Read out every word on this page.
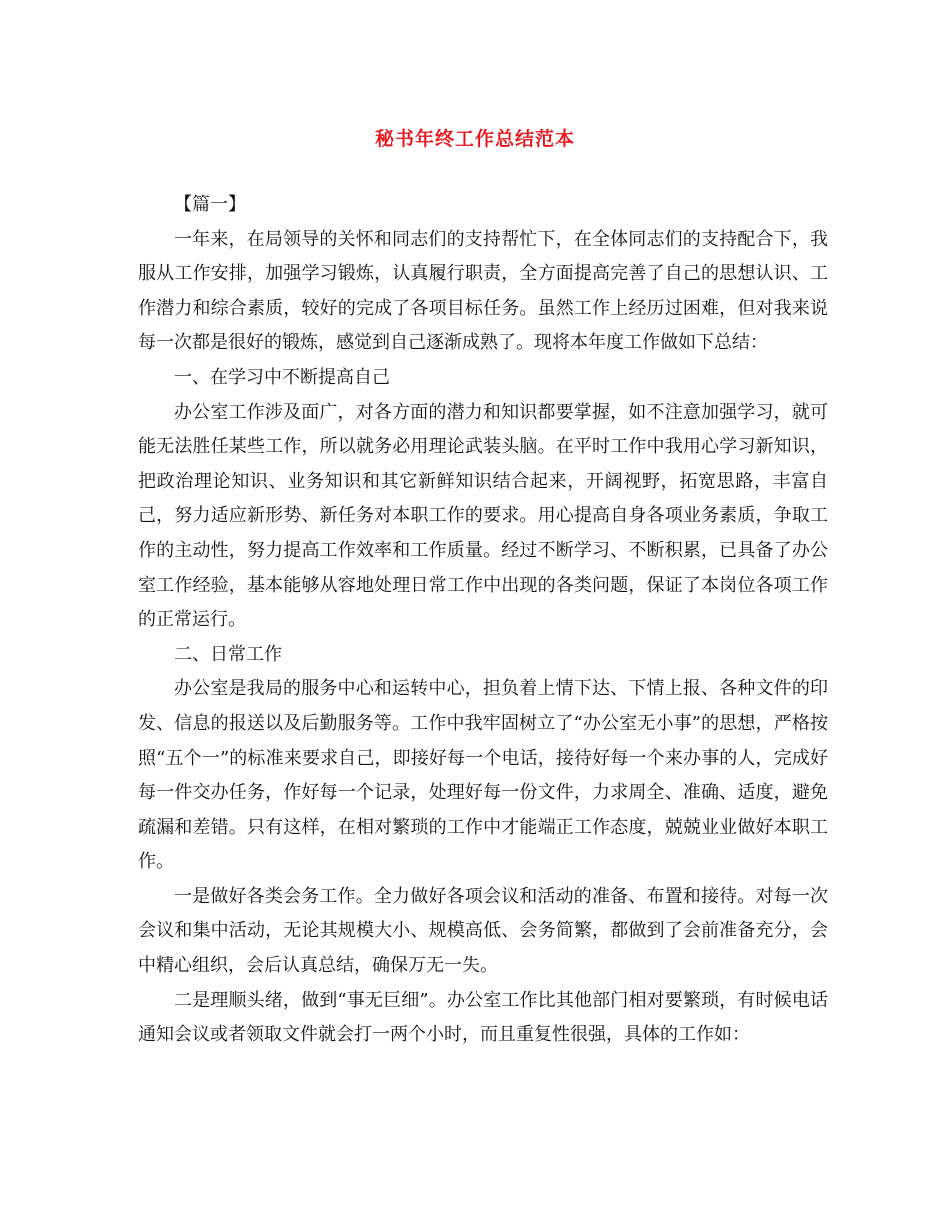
秘书年终工作总结范本

【篇一】

一年来，在局领导的关怀和同志们的支持帮忙下，在全体同志们的支持配合下，我服从工作安排，加强学习锻炼，认真履行职责，全方面提高完善了自己的思想认识、工作潜力和综合素质，较好的完成了各项目标任务。虽然工作上经历过困难，但对我来说每一次都是很好的锻炼，感觉到自己逐渐成熟了。现将本年度工作做如下总结：

一、在学习中不断提高自己

办公室工作涉及面广，对各方面的潜力和知识都要掌握，如不注意加强学习，就可能无法胜任某些工作，所以就务必用理论武装头脑。在平时工作中我用心学习新知识，把政治理论知识、业务知识和其它新鲜知识结合起来，开阔视野，拓宽思路，丰富自己，努力适应新形势、新任务对本职工作的要求。用心提高自身各项业务素质，争取工作的主动性，努力提高工作效率和工作质量。经过不断学习、不断积累，已具备了办公室工作经验，基本能够从容地处理日常工作中出现的各类问题，保证了本岗位各项工作的正常运行。

二、日常工作

办公室是我局的服务中心和运转中心，担负着上情下达、下情上报、各种文件的印发、信息的报送以及后勤服务等。工作中我牢固树立了“办公室无小事”的思想，严格按照“五个一”的标准来要求自己，即接好每一个电话，接待好每一个来办事的人，完成好每一件交办任务，作好每一个记录，处理好每一份文件，力求周全、准确、适度，避免疏漏和差错。只有这样，在相对繁琐的工作中才能端正工作态度，兢兢业业做好本职工作。

一是做好各类会务工作。全力做好各项会议和活动的准备、布置和接待。对每一次会议和集中活动，无论其规模大小、规模高低、会务简繁，都做到了会前准备充分，会中精心组织，会后认真总结，确保万无一失。

二是理顺头绪，做到“事无巨细”。办公室工作比其他部门相对要繁琐，有时候电话通知会议或者领取文件就会打一两个小时，而且重复性很强，具体的工作如：
